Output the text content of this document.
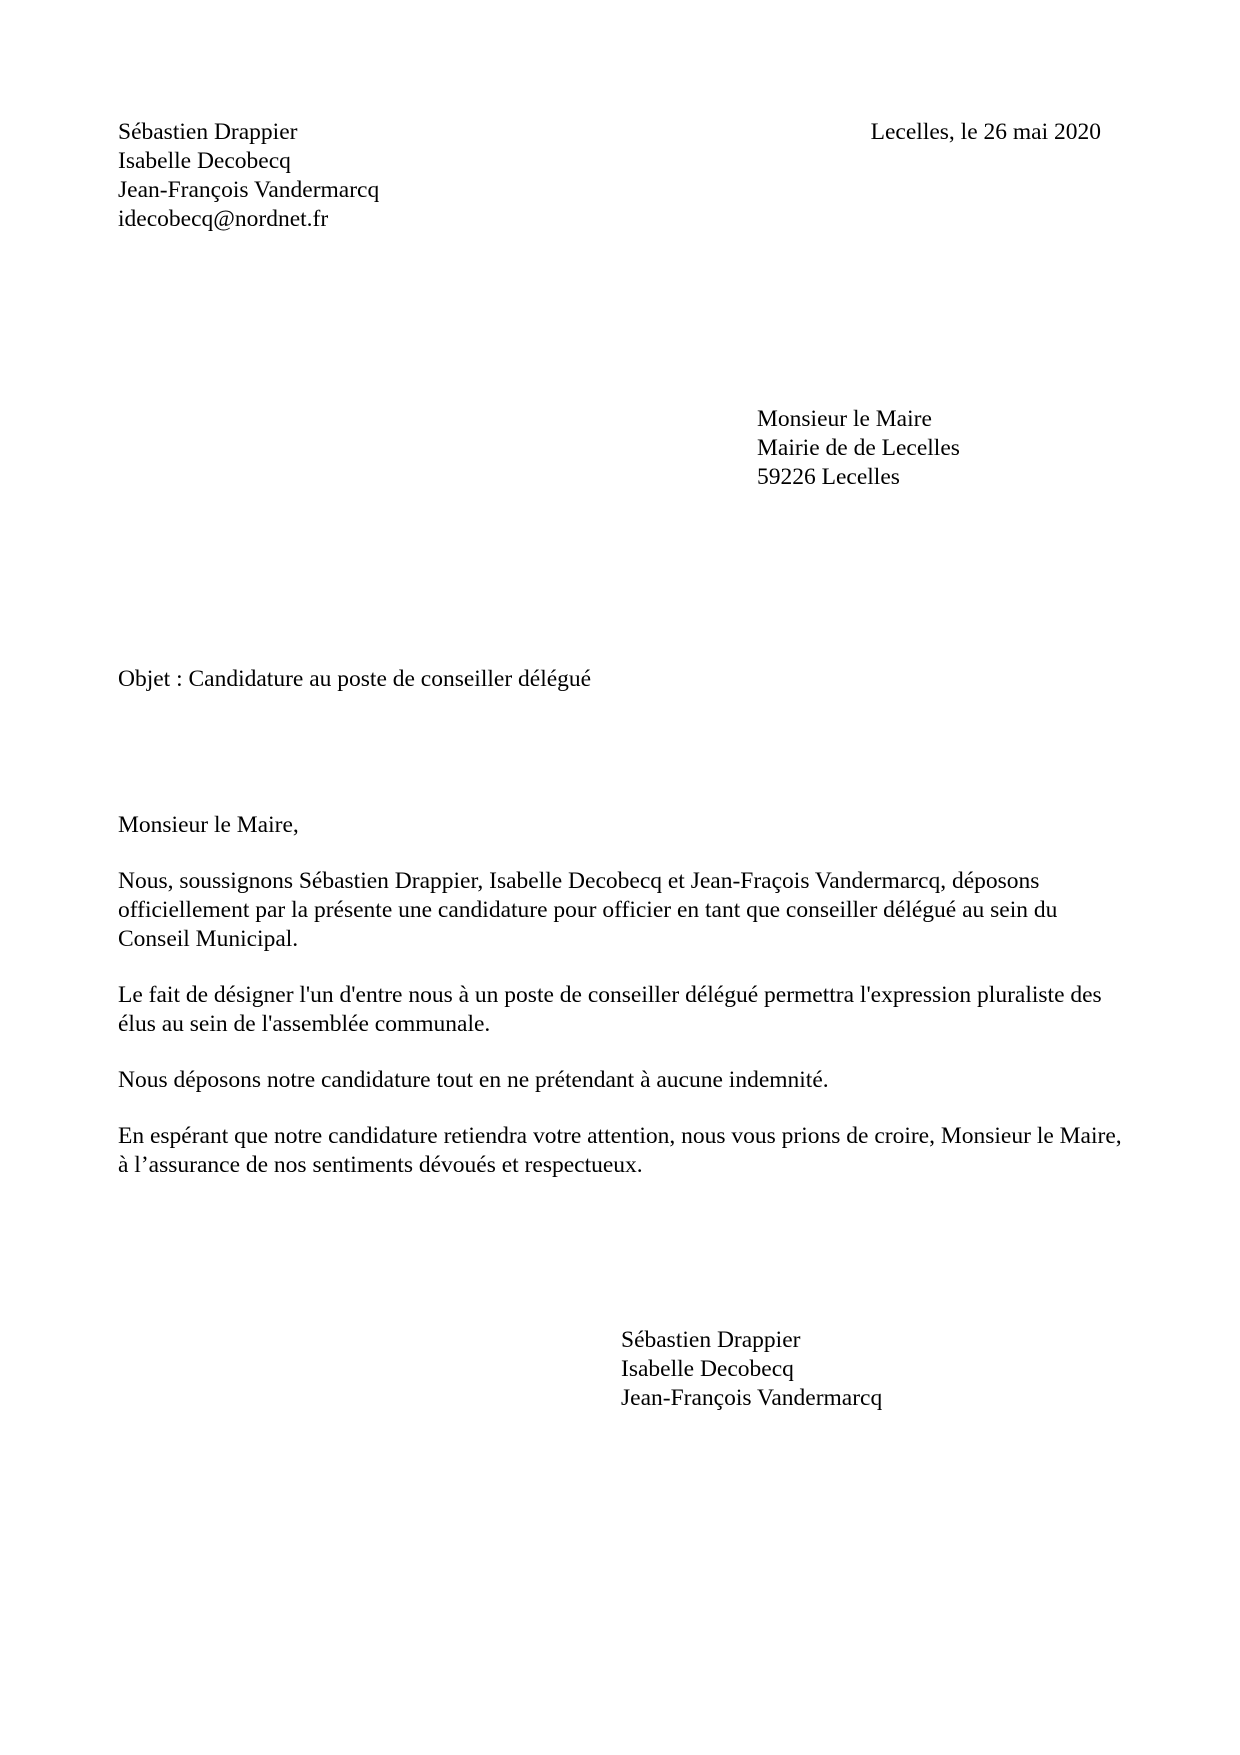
Sébastien Drappier
Isabelle Decobecq
Jean-François Vandermarcq
idecobecq@nordnet.fr
Lecelles, le 26 mai 2020
Monsieur le Maire
Mairie de de Lecelles
59226 Lecelles
Objet : Candidature au poste de conseiller délégué

Monsieur le Maire,

Nous, soussignons Sébastien Drappier, Isabelle Decobecq et Jean-Fraçois Vandermarcq, déposons officiellement par la présente une candidature pour officier en tant que conseiller délégué au sein du Conseil Municipal.

Le fait de désigner l'un d'entre nous à un poste de conseiller délégué permettra l'expression pluraliste des élus au sein de l'assemblée communale.

Nous déposons notre candidature tout en ne prétendant à aucune indemnité.

En espérant que notre candidature retiendra votre attention, nous vous prions de croire, Monsieur le Maire, à l’assurance de nos sentiments dévoués et respectueux.

Sébastien Drappier
Isabelle Decobecq
Jean-François Vandermarcq
